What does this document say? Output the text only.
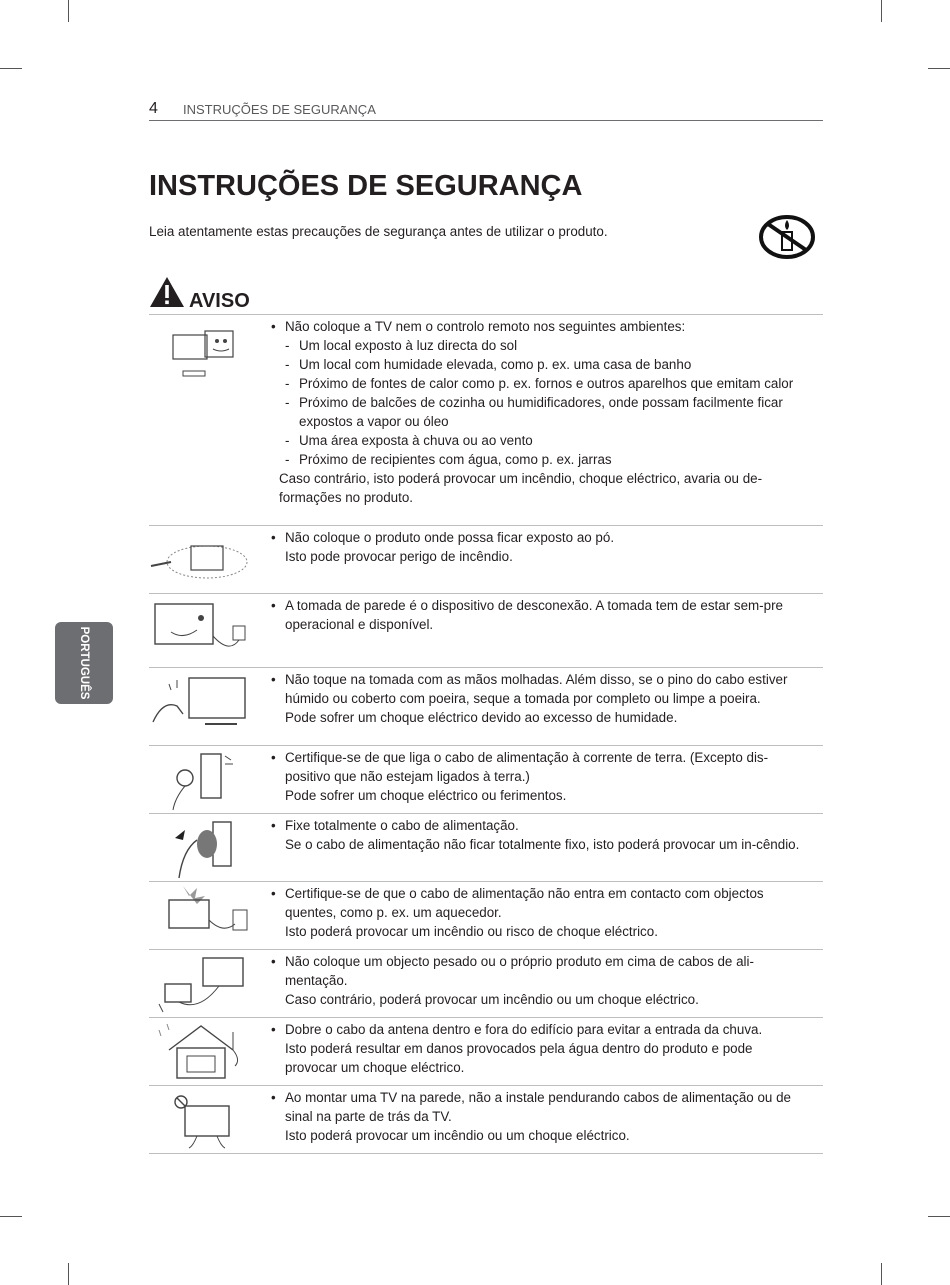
4 INSTRUÇÕES DE SEGURANÇA
INSTRUÇÕES DE SEGURANÇA
Leia atentamente estas precauções de segurança antes de utilizar o produto.
AVISO
PORTUGUÊS
• Não coloque a TV nem o controlo remoto nos seguintes ambientes:
- Um local exposto à luz directa do sol
- Um local com humidade elevada, como p. ex. uma casa de banho
- Próximo de fontes de calor como p. ex. fornos e outros aparelhos que emitam calor
- Próximo de balcões de cozinha ou humidificadores, onde possam facilmente ficar expostos a vapor ou óleo
- Uma área exposta à chuva ou ao vento
- Próximo de recipientes com água, como p. ex. jarras
Caso contrário, isto poderá provocar um incêndio, choque eléctrico, avaria ou de-formações no produto.
• Não coloque o produto onde possa ficar exposto ao pó.
Isto pode provocar perigo de incêndio.
• A tomada de parede é o dispositivo de desconexão. A tomada tem de estar sem-pre operacional e disponível.
• Não toque na tomada com as mãos molhadas. Além disso, se o pino do cabo estiver húmido ou coberto com poeira, seque a tomada por completo ou limpe a poeira.
Pode sofrer um choque eléctrico devido ao excesso de humidade.
• Certifique-se de que liga o cabo de alimentação à corrente de terra. (Excepto dis-positivo que não estejam ligados à terra.)
Pode sofrer um choque eléctrico ou ferimentos.
• Fixe totalmente o cabo de alimentação.
Se o cabo de alimentação não ficar totalmente fixo, isto poderá provocar um in-cêndio.
• Certifique-se de que o cabo de alimentação não entra em contacto com objectos quentes, como p. ex. um aquecedor.
Isto poderá provocar um incêndio ou risco de choque eléctrico.
• Não coloque um objecto pesado ou o próprio produto em cima de cabos de ali-mentação.
Caso contrário, poderá provocar um incêndio ou um choque eléctrico.
• Dobre o cabo da antena dentro e fora do edifício para evitar a entrada da chuva.
Isto poderá resultar em danos provocados pela água dentro do produto e pode provocar um choque eléctrico.
• Ao montar uma TV na parede, não a instale pendurando cabos de alimentação ou de sinal na parte de trás da TV.
Isto poderá provocar um incêndio ou um choque eléctrico.
